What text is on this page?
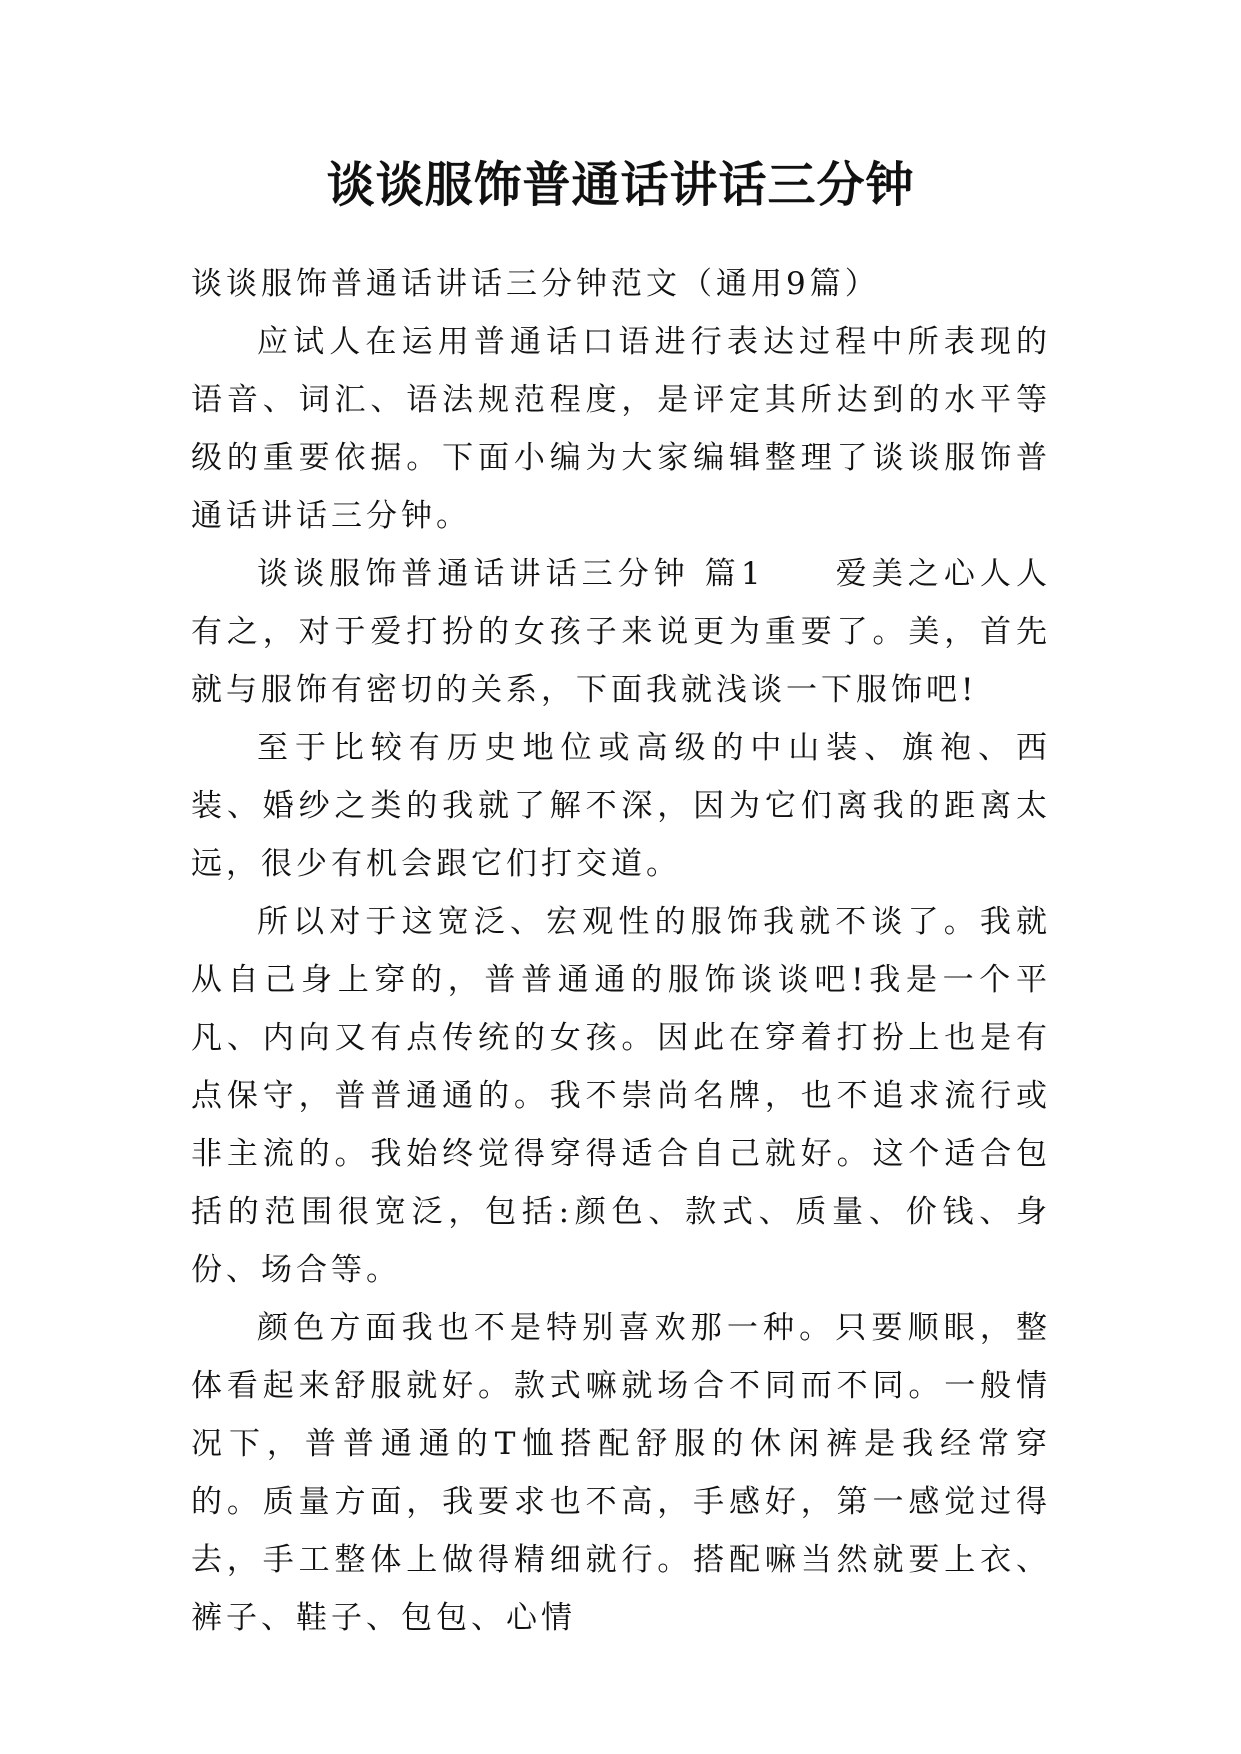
谈谈服饰普通话讲话三分钟

谈谈服饰普通话讲话三分钟范文（通用9篇）

应试人在运用普通话口语进行表达过程中所表现的语音、词汇、语法规范程度，是评定其所达到的水平等级的重要依据。下面小编为大家编辑整理了谈谈服饰普通话讲话三分钟。

谈谈服饰普通话讲话三分钟 篇1 爱美之心人人有之，对于爱打扮的女孩子来说更为重要了。美，首先就与服饰有密切的关系，下面我就浅谈一下服饰吧!

至于比较有历史地位或高级的中山装、旗袍、西装、婚纱之类的我就了解不深，因为它们离我的距离太远，很少有机会跟它们打交道。

所以对于这宽泛、宏观性的服饰我就不谈了。我就从自己身上穿的，普普通通的服饰谈谈吧!我是一个平凡、内向又有点传统的女孩。因此在穿着打扮上也是有点保守，普普通通的。我不崇尚名牌，也不追求流行或非主流的。我始终觉得穿得适合自己就好。这个适合包括的范围很宽泛，包括:颜色、款式、质量、价钱、身份、场合等。

颜色方面我也不是特别喜欢那一种。只要顺眼，整体看起来舒服就好。款式嘛就场合不同而不同。一般情况下，普普通通的T恤搭配舒服的休闲裤是我经常穿的。质量方面，我要求也不高，手感好，第一感觉过得去，手工整体上做得精细就行。搭配嘛当然就要上衣、裤子、鞋子、包包、心情
